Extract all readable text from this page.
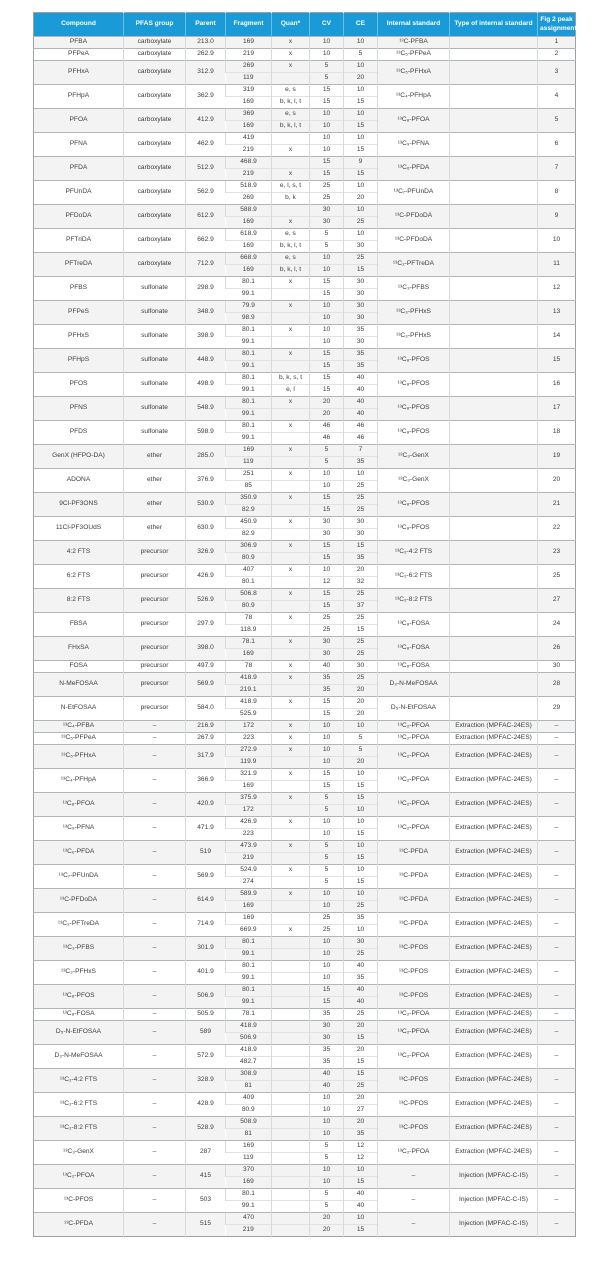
Compound	PFAS group	Parent	Fragment	Quan*	CV	CE	Internal standard	Type of internal standard	Fig 2 peak assignment
PFBA	carboxylate	213.0	169	x	10	10	¹³C-PFBA		1
PFPeA	carboxylate	262.9	219	x	10	5	¹³C₅-PFPeA		2
PFHxA	carboxylate	312.9	269	x	5	10	¹³C₅-PFHxA		3
			119		5	20			
PFHpA	carboxylate	362.9	319	e, s	15	10	¹³C₄-PFHpA		4
			169	b, k, l, t	15	15			
PFOA	carboxylate	412.9	369	e, s	10	10	¹³C₈-PFOA		5
			169	b, k, l, t	10	15			
PFNA	carboxylate	462.9	419		10	10	¹³C₉-PFNA		6
			219	x	10	15			
PFDA	carboxylate	512.9	468.9		15	9	¹³C₆-PFDA		7
			219	x	15	15			
PFUnDA	carboxylate	562.9	518.9	e, l, s, t	25	10	¹³C₇-PFUnDA		8
			269	b, k	25	20			
PFDoDA	carboxylate	612.9	588.9		30	10	¹³C-PFDoDA		9
			169	x	30	25			
PFTriDA	carboxylate	662.9	618.9	e, s	5	10	¹³C-PFDoDA		10
			169	b, k, l, t	5	30			
PFTreDA	carboxylate	712.9	668.9	e, s	10	25	¹³C₂-PFTreDA		11
			169	b, k, l, t	10	15			
PFBS	sulfonate	298.9	80.1	x	15	30	¹³C₃-PFBS		12
			99.1		15	30			
PFPeS	sulfonate	348.9	79.9	x	10	30	¹³C₃-PFHxS		13
			98.9		10	30			
PFHxS	sulfonate	398.9	80.1	x	10	35	¹³C₃-PFHxS		14
			99.1		10	30			
PFHpS	sulfonate	448.9	80.1	x	15	35	¹³C₈-PFOS		15
			99.1		15	35			
PFOS	sulfonate	498.9	80.1	b, k, s, t	15	40	¹³C₈-PFOS		16
			99.1	e, l	15	40			
PFNS	sulfonate	548.9	80.1	x	20	40	¹³C₈-PFOS		17
			99.1		20	40			
PFDS	sulfonate	598.9	80.1	x	46	46	¹³C₈-PFOS		18
			99.1		46	46			
GenX (HFPO-DA)	ether	285.0	169	x	5	7	¹³C₃-GenX		19
			119		5	35			
ADONA	ether	376.9	251	x	10	10	¹³C₃-GenX		20
			85		10	25			
9Cl-PF3ONS	ether	530.9	350.9	x	15	25	¹³C₈-PFOS		21
			82.9		15	25			
11Cl-PF3OUdS	ether	630.9	450.9	x	30	30	¹³C₈-PFOS		22
			82.9		30	30			
4:2 FTS	precursor	326.9	306.9	x	15	15	¹³C₂-4:2 FTS		23
			80.9		15	35			
6:2 FTS	precursor	426.9	407	x	10	20	¹³C₂-6:2 FTS		25
			80.1		12	32			
8:2 FTS	precursor	526.9	506.8	x	15	25	¹³C₂-8:2 FTS		27
			80.9		15	37			
FBSA	precursor	297.9	78	x	25	25	¹³C₈-FOSA		24
			118.9		25	15			
FHxSA	precursor	398.0	78.1	x	30	25	¹³C₈-FOSA		26
			169		30	25			
FOSA	precursor	497.9	78	x	40	30	¹³C₈-FOSA		30
N-MeFOSAA	precursor	569.9	418.9	x	35	25	D₃-N-MeFOSAA		28
			219.1		35	20			
N-EtFOSAA	precursor	584.0	418.9	x	15	20	D₅-N-EtFOSAA		29
			525.9		15	20			
¹³C₄-PFBA	–	216.9	172	x	10	10	¹³C₂-PFOA	Extraction (MPFAC-24ES)	–
¹³C₅-PFPeA	–	267.9	223	x	10	5	¹³C₂-PFOA	Extraction (MPFAC-24ES)	–
¹³C₅-PFHxA	–	317.9	272.9	x	10	5	¹³C₂-PFOA	Extraction (MPFAC-24ES)	–
			119.9		10	20			
¹³C₄-PFHpA	–	366.9	321.9	x	15	10	¹³C₂-PFOA	Extraction (MPFAC-24ES)	–
			169		15	15			
¹³C₈-PFOA	–	420.9	375.9	x	5	15	¹³C₂-PFOA	Extraction (MPFAC-24ES)	–
			172		5	10			
¹³C₉-PFNA	–	471.9	426.9	x	10	10	¹³C₂-PFOA	Extraction (MPFAC-24ES)	–
			223		10	15			
¹³C₆-PFDA	–	519	473.9	x	5	10	¹³C-PFDA	Extraction (MPFAC-24ES)	–
			219		5	15			
¹³C₇-PFUnDA	–	569.9	524.9	x	5	10	¹³C-PFDA	Extraction (MPFAC-24ES)	–
			274		5	15			
¹³C-PFDoDA	–	614.9	589.9	x	10	10	¹³C-PFDA	Extraction (MPFAC-24ES)	–
			169		10	25			
¹³C₂-PFTreDA	–	714.9	169		25	35	¹³C-PFDA	Extraction (MPFAC-24ES)	–
			669.9	x	25	10			
¹³C₃-PFBS	–	301.9	80.1		10	30	¹³C-PFOS	Extraction (MPFAC-24ES)	–
			99.1		10	25			
¹³C₃-PFHxS	–	401.9	80.1		10	40	¹³C-PFOS	Extraction (MPFAC-24ES)	–
			99.1		10	35			
¹³C₈-PFOS	–	506.9	80.1		15	40	¹³C-PFOS	Extraction (MPFAC-24ES)	–
			99.1		15	40			
¹³C₈-FOSA	–	505.9	78.1		35	25	¹³C₂-PFOA	Extraction (MPFAC-24ES)	–
D₅-N-EtFOSAA	–	589	418.9		30	20	¹³C₂-PFOA	Extraction (MPFAC-24ES)	–
			506.9		30	15			
D₃-N-MeFOSAA	–	572.9	418.9		35	20	¹³C₂-PFOA	Extraction (MPFAC-24ES)	–
			482.7		35	15			
¹³C₂-4:2 FTS	–	328.9	308.9		40	15	¹³C-PFOS	Extraction (MPFAC-24ES)	–
			81		40	25			
¹³C₂-6:2 FTS	–	428.9	409		10	20	¹³C-PFOS	Extraction (MPFAC-24ES)	–
			80.9		10	27			
¹³C₂-8:2 FTS	–	528.9	508.9		10	20	¹³C-PFOS	Extraction (MPFAC-24ES)	–
			81		10	35			
¹³C₃-GenX	–	287	169		5	12	¹³C₂-PFOA	Extraction (MPFAC-24ES)	–
			119		5	12			
¹³C₂-PFOA	–	415	370		10	10	–	Injection (MPFAC-C-IS)	–
			169		10	15			
¹³C-PFOS	–	503	80.1		5	40	–	Injection (MPFAC-C-IS)	–
			99.1		5	40			
¹³C-PFDA	–	515	470		20	10	–	Injection (MPFAC-C-IS)	–
			219		20	15			
